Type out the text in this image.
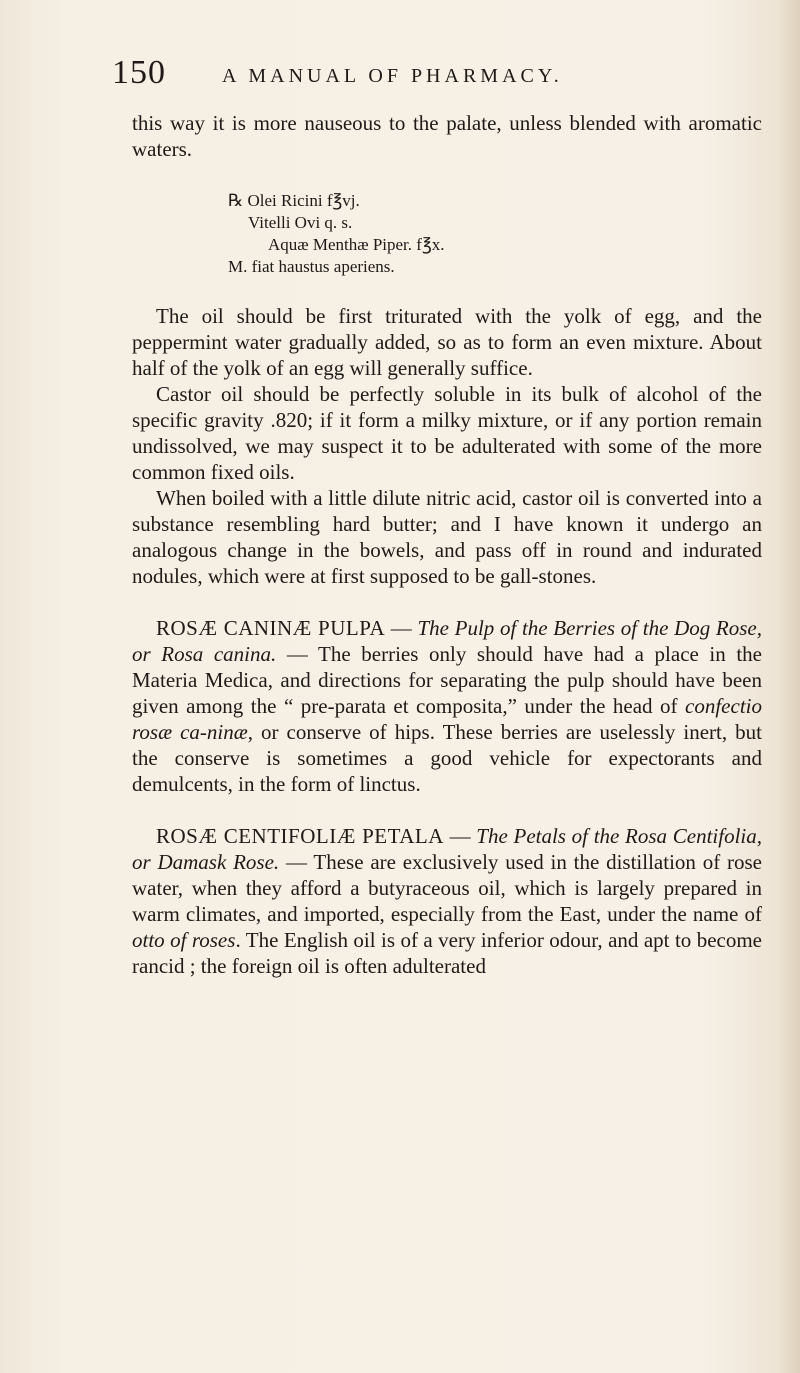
150	A MANUAL OF PHARMACY.

this way it is more nauseous to the palate, unless blended with aromatic waters.

℞ Olei Ricini f℥vj.
Vitelli Ovi q. s.
Aquæ Menthæ Piper. f℥x.
M. fiat haustus aperiens.

The oil should be first triturated with the yolk of egg, and the peppermint water gradually added, so as to form an even mixture. About half of the yolk of an egg will generally suffice.

Castor oil should be perfectly soluble in its bulk of alcohol of the specific gravity .820; if it form a milky mixture, or if any portion remain undissolved, we may suspect it to be adulterated with some of the more common fixed oils.

When boiled with a little dilute nitric acid, castor oil is converted into a substance resembling hard butter; and I have known it undergo an analogous change in the bowels, and pass off in round and indurated nodules, which were at first supposed to be gall-stones.

ROSÆ CANINÆ PULPA — The Pulp of the Berries of the Dog Rose, or Rosa canina. — The berries only should have had a place in the Materia Medica, and directions for separating the pulp should have been given among the “ pre-parata et composita,” under the head of confectio rosæ ca-ninæ, or conserve of hips. These berries are uselessly inert, but the conserve is sometimes a good vehicle for expectorants and demulcents, in the form of linctus.

ROSÆ CENTIFOLIÆ PETALA — The Petals of the Rosa Centifolia, or Damask Rose. — These are exclusively used in the distillation of rose water, when they afford a butyraceous oil, which is largely prepared in warm climates, and imported, especially from the East, under the name of otto of roses. The English oil is of a very inferior odour, and apt to become rancid ; the foreign oil is often adulterated
